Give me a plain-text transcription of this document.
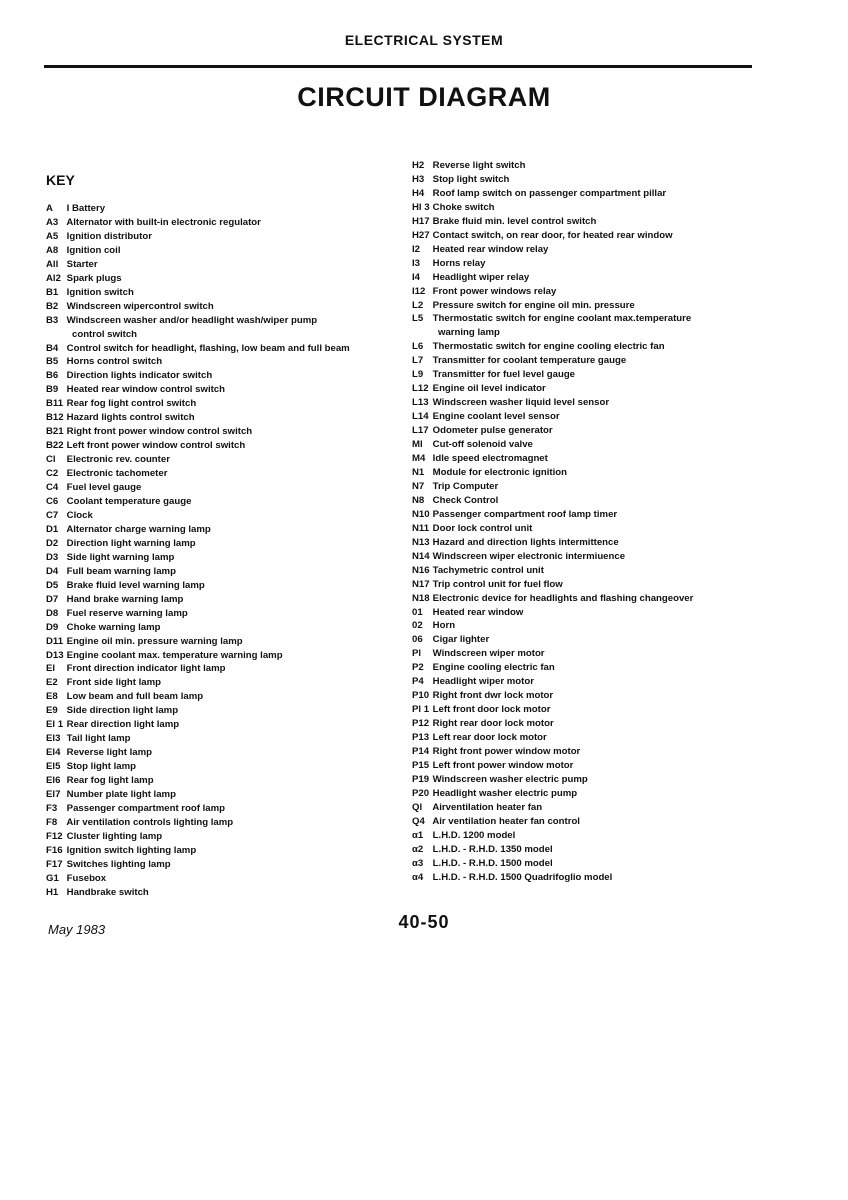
ELECTRICAL SYSTEM
CIRCUIT DIAGRAM
KEY
A I Battery
A3 Alternator with built-in electronic regulator
A5 Ignition distributor
A8 Ignition coil
All Starter
Al2 Spark plugs
B1 Ignition switch
B2 Windscreen wipercontrol switch
B3 Windscreen washer and/or headlight wash/wiper pump
control switch
B4 Control switch for headlight, flashing, low beam and full beam
B5 Horns control switch
B6 Direction lights indicator switch
B9 Heated rear window control switch
B11 Rear fog light control switch
B12 Hazard lights control switch
B21 Right front power window control switch
B22 Left front power window control switch
Cl Electronic rev. counter
C2 Electronic tachometer
C4 Fuel level gauge
C6 Coolant temperature gauge
C7 Clock
D1 Alternator charge warning lamp
D2 Direction light warning lamp
D3 Side light warning lamp
D4 Full beam warning lamp
D5 Brake fluid level warning lamp
D7 Hand brake warning lamp
D8 Fuel reserve warning lamp
D9 Choke warning lamp
D11 Engine oil min. pressure warning lamp
D13 Engine coolant max. temperature warning lamp
El Front direction indicator light lamp
E2 Front side light lamp
E8 Low beam and full beam lamp
E9 Side direction light lamp
El 1 Rear direction light lamp
El3 Tail light lamp
El4 Reverse light lamp
El5 Stop light lamp
El6 Rear fog light lamp
El7 Number plate light lamp
F3 Passenger compartment roof lamp
F8 Air ventilation controls lighting lamp
F12 Cluster lighting lamp
F16 Ignition switch lighting lamp
F17 Switches lighting lamp
G1 Fusebox
H1 Handbrake switch
H2 Reverse light switch
H3 Stop light switch
H4 Roof lamp switch on passenger compartment pillar
Hl 3 Choke switch
H17 Brake fluid min. level control switch
H27 Contact switch, on rear door, for heated rear window
I2 Heated rear window relay
I3 Horns relay
I4 Headlight wiper relay
I12 Front power windows relay
L2 Pressure switch for engine oil min. pressure
L5 Thermostatic switch for engine coolant max.temperature
warning lamp
L6 Thermostatic switch for engine cooling electric fan
L7 Transmitter for coolant temperature gauge
L9 Transmitter for fuel level gauge
L12 Engine oil level indicator
L13 Windscreen washer liquid level sensor
L14 Engine coolant level sensor
L17 Odometer pulse generator
Ml Cut-off solenoid valve
M4 Idle speed electromagnet
N1 Module for electronic ignition
N7 Trip Computer
N8 Check Control
N10 Passenger compartment roof lamp timer
N11 Door lock control unit
N13 Hazard and direction lights intermittence
N14 Windscreen wiper electronic intermiuence
N16 Tachymetric control unit
N17 Trip control unit for fuel flow
N18 Electronic device for headlights and flashing changeover
01 Heated rear window
02 Horn
06 Cigar lighter
Pl Windscreen wiper motor
P2 Engine cooling electric fan
P4 Headlight wiper motor
P10 Right front dwr lock motor
Pl 1 Left front door lock motor
P12 Right rear door lock motor
P13 Left rear door lock motor
P14 Right front power window motor
P15 Left front power window motor
P19 Windscreen washer electric pump
P20 Headlight washer electric pump
Ql Airventilation heater fan
Q4 Air ventilation heater fan control
α1 L.H.D. 1200 model
α2 L.H.D. - R.H.D. 1350 model
α3 L.H.D. - R.H.D. 1500 model
α4 L.H.D. - R.H.D. 1500 Quadrifoglio model
May 1983	40-50
